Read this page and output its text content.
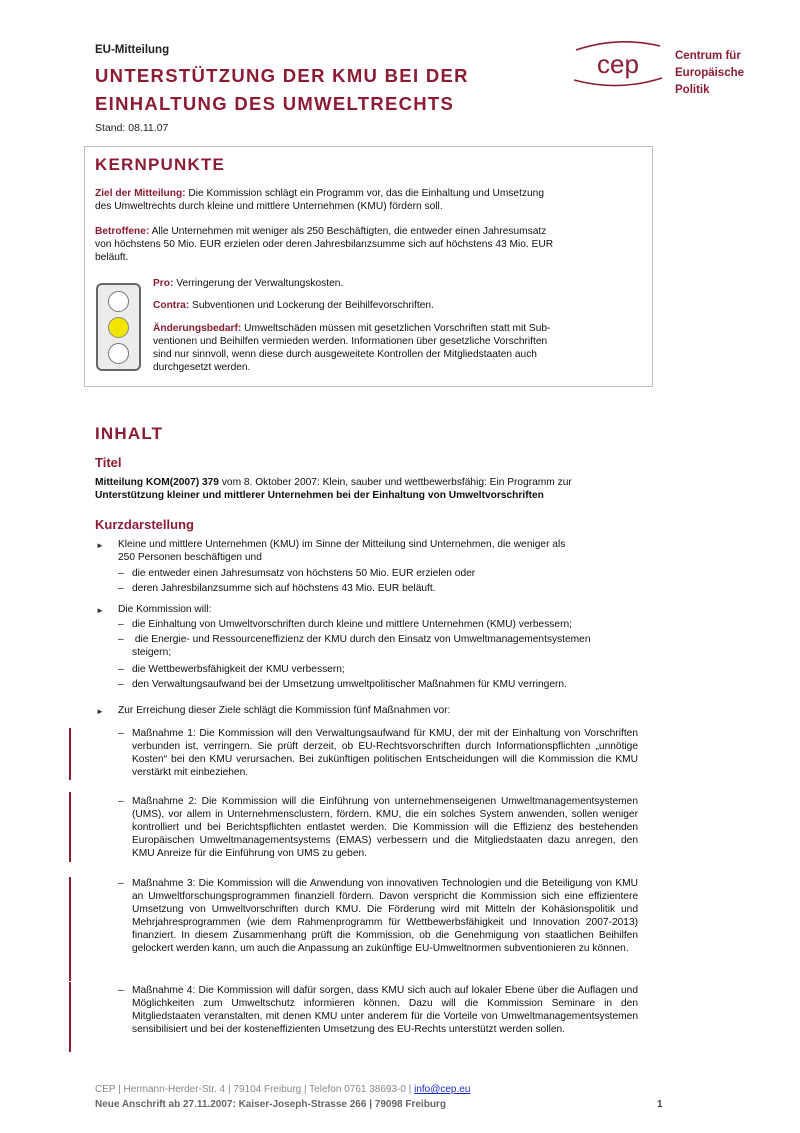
EU-Mitteilung
UNTERSTÜTZUNG DER KMU BEI DER
EINHALTUNG DES UMWELTRECHTS
Stand: 08.11.07
cep	Centrum für
Europäische
Politik
KERNPUNKTE
Ziel der Mitteilung: Die Kommission schlägt ein Programm vor, das die Einhaltung und Umsetzung
des Umweltrechts durch kleine und mittlere Unternehmen (KMU) fördern soll.
Betroffene: Alle Unternehmen mit weniger als 250 Beschäftigten, die entweder einen Jahresumsatz
von höchstens 50 Mio. EUR erzielen oder deren Jahresbilanzsumme sich auf höchstens 43 Mio. EUR
beläuft.
Pro: Verringerung der Verwaltungskosten.
Contra: Subventionen und Lockerung der Beihilfevorschriften.
Änderungsbedarf: Umweltschäden müssen mit gesetzlichen Vorschriften statt mit Sub-
ventionen und Beihilfen vermieden werden. Informationen über gesetzliche Vorschriften
sind nur sinnvoll, wenn diese durch ausgeweitete Kontrollen der Mitgliedstaaten auch
durchgesetzt werden.
INHALT
Titel
Mitteilung KOM(2007) 379 vom 8. Oktober 2007: Klein, sauber und wettbewerbsfähig: Ein Programm zur
Unterstützung kleiner und mittlerer Unternehmen bei der Einhaltung von Umweltvorschriften
Kurzdarstellung
► Kleine und mittlere Unternehmen (KMU) im Sinne der Mitteilung sind Unternehmen, die weniger als
250 Personen beschäftigen und
– die entweder einen Jahresumsatz von höchstens 50 Mio. EUR erzielen oder
– deren Jahresbilanzsumme sich auf höchstens 43 Mio. EUR beläuft.
► Die Kommission will:
– die Einhaltung von Umweltvorschriften durch kleine und mittlere Unternehmen (KMU) verbessern;
– die Energie- und Ressourceneffizienz der KMU durch den Einsatz von Umweltmanagementsystemen
steigern;
– die Wettbewerbsfähigkeit der KMU verbessern;
– den Verwaltungsaufwand bei der Umsetzung umweltpolitischer Maßnahmen für KMU verringern.
► Zur Erreichung dieser Ziele schlägt die Kommission fünf Maßnahmen vor:
– Maßnahme 1: Die Kommission will den Verwaltungsaufwand für KMU, der mit der Einhaltung von Vorschriften verbunden ist, verringern. Sie prüft derzeit, ob EU-Rechtsvorschriften durch Informationspflichten „unnötige Kosten“ bei den KMU verursachen. Bei zukünftigen politischen Entscheidungen will die Kommission die KMU verstärkt mit einbeziehen.
– Maßnahme 2: Die Kommission will die Einführung von unternehmenseigenen Umweltmanagementsystemen (UMS), vor allem in Unternehmensclustern, fördern. KMU, die ein solches System anwenden, sollen weniger kontrolliert und bei Berichtspflichten entlastet werden. Die Kommission will die Effizienz des bestehenden Europäischen Umweltmanagementsystems (EMAS) verbessern und die Mitgliedstaaten dazu anregen, den KMU Anreize für die Einführung von UMS zu geben.
– Maßnahme 3: Die Kommission will die Anwendung von innovativen Technologien und die Beteiligung von KMU an Umweltforschungsprogrammen finanziell fördern. Davon verspricht die Kommission sich eine effizientere Umsetzung von Umweltvorschriften durch KMU. Die Förderung wird mit Mitteln der Kohäsionspolitik und Mehrjahresprogrammen (wie dem Rahmenprogramm für Wettbewerbsfähigkeit und Innovation 2007-2013) finanziert. In diesem Zusammenhang prüft die Kommission, ob die Genehmigung von staatlichen Beihilfen gelockert werden kann, um auch die Anpassung an zukünftige EU-Umweltnormen subventionieren zu können.
– Maßnahme 4: Die Kommission will dafür sorgen, dass KMU sich auch auf lokaler Ebene über die Auflagen und Möglichkeiten zum Umweltschutz informieren können. Dazu will die Kommission Seminare in den Mitgliedstaaten veranstalten, mit denen KMU unter anderem für die Vorteile von Umweltmanagementsystemen sensibilisiert und bei der kosteneffizienten Umsetzung des EU-Rechts unterstützt werden sollen.
CEP | Hermann-Herder-Str. 4 | 79104 Freiburg | Telefon 0761 38693-0 | info@cep.eu
Neue Anschrift ab 27.11.2007: Kaiser-Joseph-Strasse 266 | 79098 Freiburg	1
